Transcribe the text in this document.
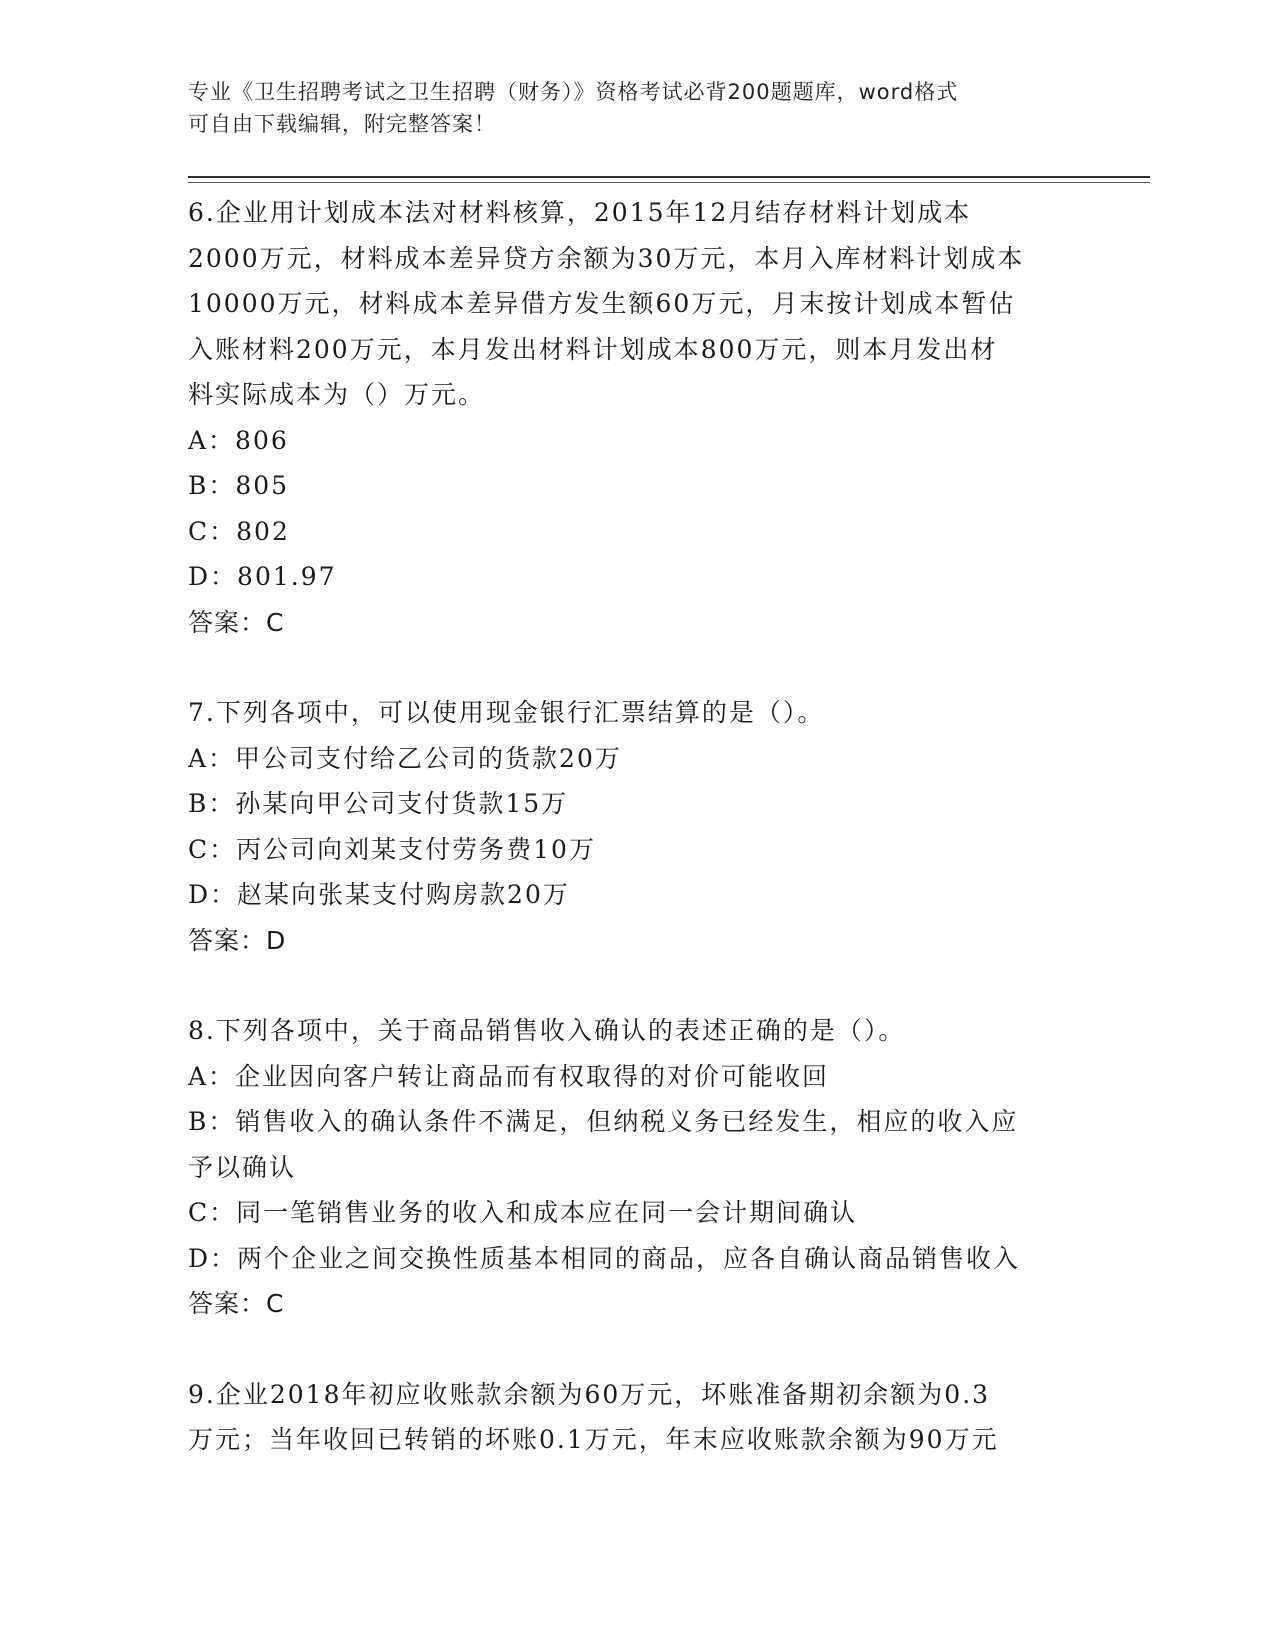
专业《卫生招聘考试之卫生招聘（财务）》资格考试必背200题题库，word格式
可自由下载编辑，附完整答案！

6.企业用计划成本法对材料核算，2015年12月结存材料计划成本

2000万元，材料成本差异贷方余额为30万元，本月入库材料计划成本

10000万元，材料成本差异借方发生额60万元，月末按计划成本暂估

入账材料200万元，本月发出材料计划成本800万元，则本月发出材

料实际成本为（）万元。

A：806

B：805

C：802

D：801.97

答案：C

7.下列各项中，可以使用现金银行汇票结算的是（）。

A：甲公司支付给乙公司的货款20万

B：孙某向甲公司支付货款15万

C：丙公司向刘某支付劳务费10万

D：赵某向张某支付购房款20万

答案：D

8.下列各项中，关于商品销售收入确认的表述正确的是（）。

A：企业因向客户转让商品而有权取得的对价可能收回

B：销售收入的确认条件不满足，但纳税义务已经发生，相应的收入应

予以确认

C：同一笔销售业务的收入和成本应在同一会计期间确认

D：两个企业之间交换性质基本相同的商品，应各自确认商品销售收入

答案：C

9.企业2018年初应收账款余额为60万元，坏账准备期初余额为0.3

万元；当年收回已转销的坏账0.1万元，年末应收账款余额为90万元
